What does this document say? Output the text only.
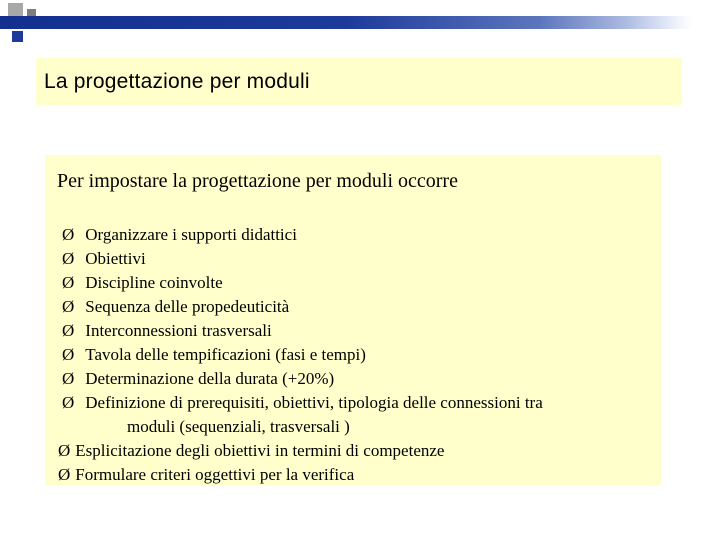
La progettazione per moduli
Per impostare la progettazione per moduli occorre
Ø Organizzare i supporti didattici
Ø Obiettivi
Ø Discipline coinvolte
Ø Sequenza delle propedeuticità
Ø Interconnessioni trasversali
Ø Tavola delle tempificazioni (fasi e tempi)
Ø Determinazione della durata (+20%)
Ø Definizione di prerequisiti, obiettivi, tipologia delle connessioni tra
moduli (sequenziali, trasversali )
Ø Esplicitazione degli obiettivi in termini di competenze
Ø Formulare criteri oggettivi per la verifica
